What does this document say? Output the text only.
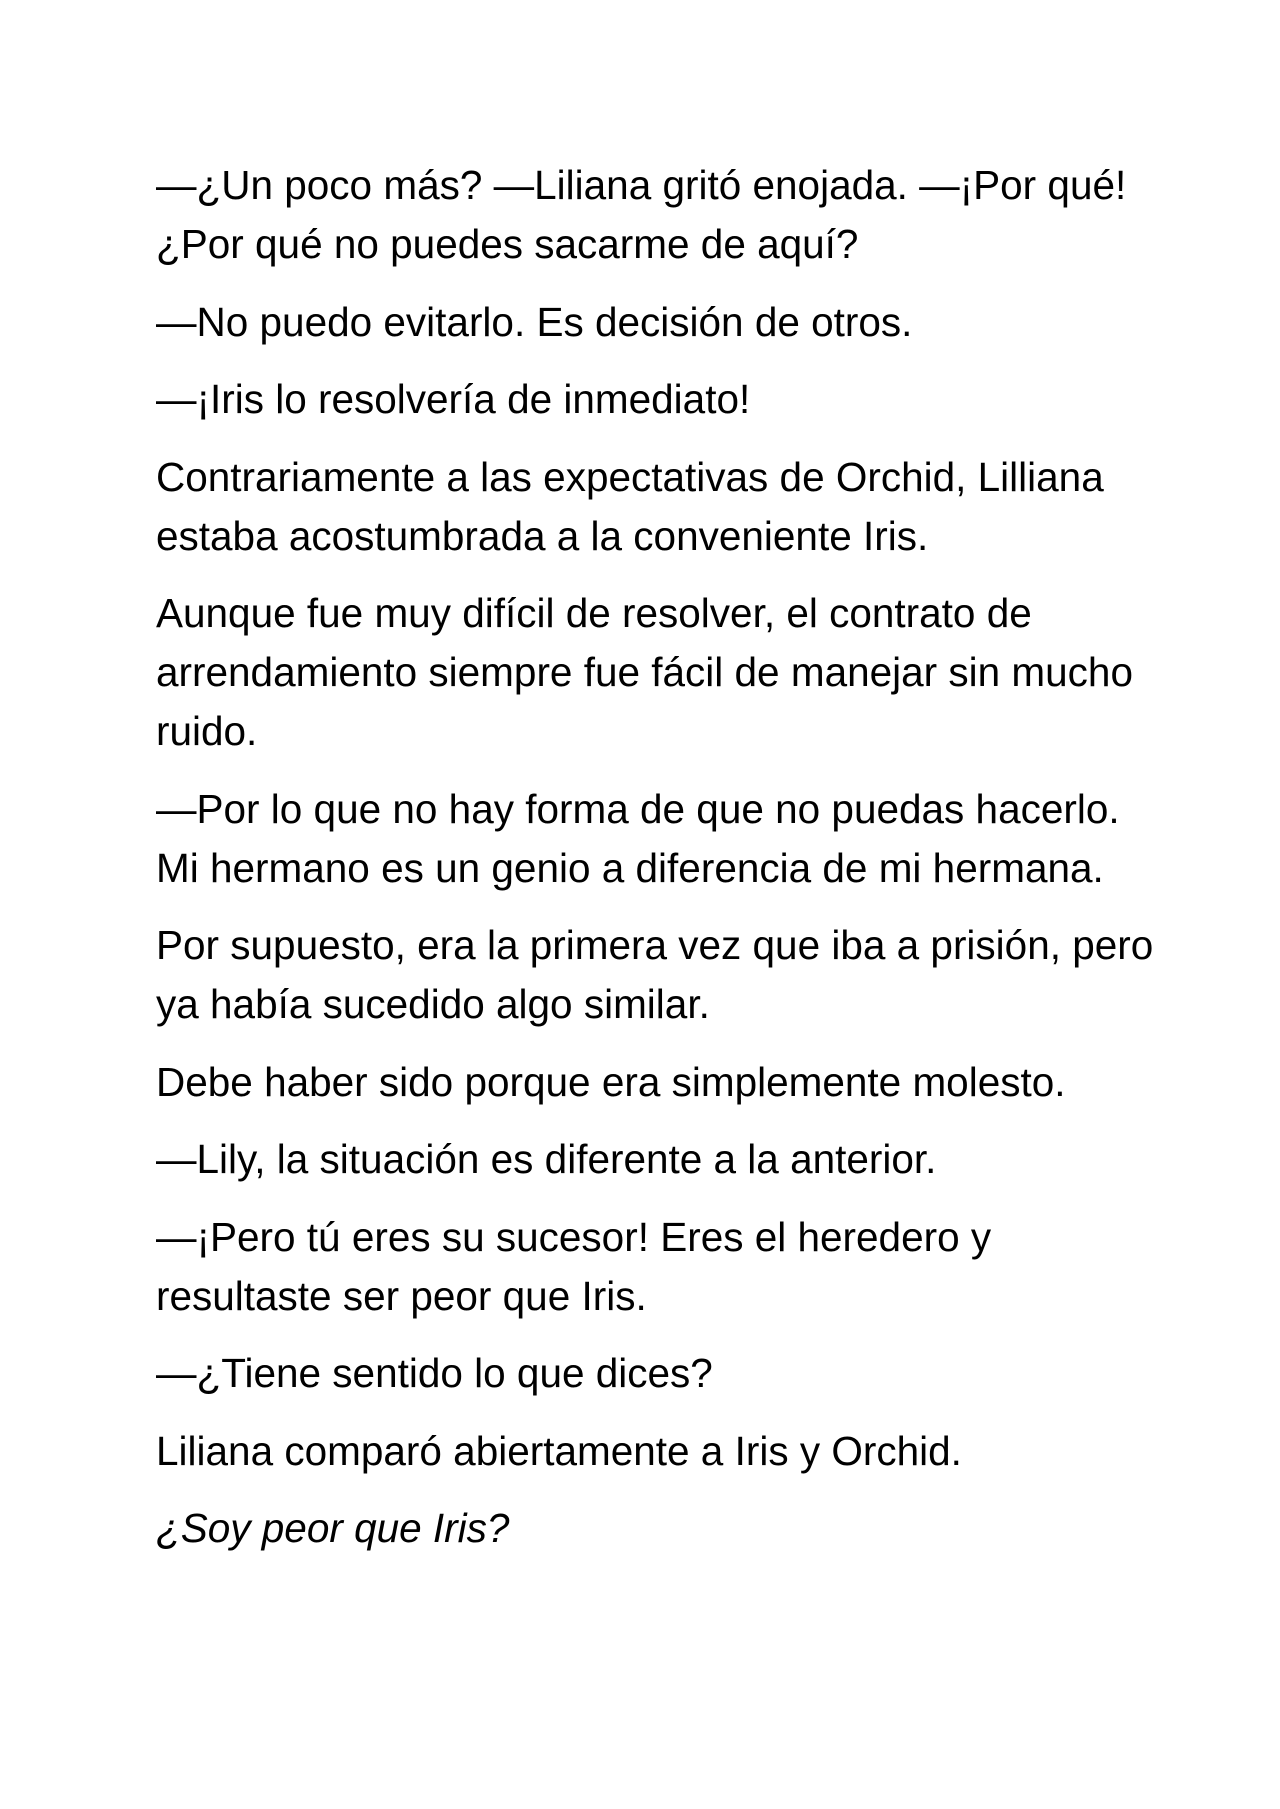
—¿Un poco más? —Liliana gritó enojada. —¡Por qué! ¿Por qué no puedes sacarme de aquí?

—No puedo evitarlo. Es decisión de otros.

—¡Iris lo resolvería de inmediato!

Contrariamente a las expectativas de Orchid, Lilliana estaba acostumbrada a la conveniente Iris.

Aunque fue muy difícil de resolver, el contrato de arrendamiento siempre fue fácil de manejar sin mucho ruido.

—Por lo que no hay forma de que no puedas hacerlo. Mi hermano es un genio a diferencia de mi hermana.

Por supuesto, era la primera vez que iba a prisión, pero ya había sucedido algo similar.

Debe haber sido porque era simplemente molesto.

—Lily, la situación es diferente a la anterior.

—¡Pero tú eres su sucesor! Eres el heredero y resultaste ser peor que Iris.

—¿Tiene sentido lo que dices?

Liliana comparó abiertamente a Iris y Orchid.

¿Soy peor que Iris?
